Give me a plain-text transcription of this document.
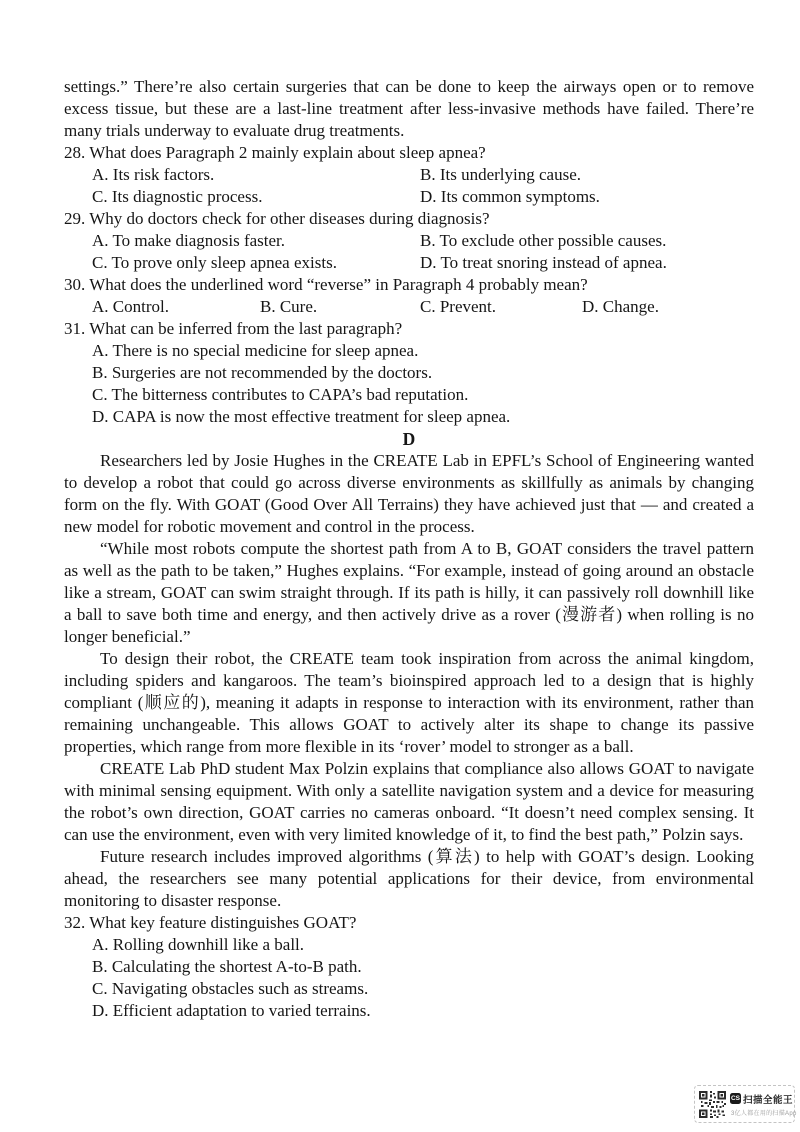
settings.” There’re also certain surgeries that can be done to keep the airways open or to remove excess tissue, but these are a last-line treatment after less-invasive methods have failed. There’re many trials underway to evaluate drug treatments.

28. What does Paragraph 2 mainly explain about sleep apnea?
A. Its risk factors.	B. Its underlying cause.
C. Its diagnostic process.	D. Its common symptoms.
29. Why do doctors check for other diseases during diagnosis?
A. To make diagnosis faster.	B. To exclude other possible causes.
C. To prove only sleep apnea exists.	D. To treat snoring instead of apnea.
30. What does the underlined word “reverse” in Paragraph 4 probably mean?
A. Control.	B. Cure.	C. Prevent.	D. Change.
31. What can be inferred from the last paragraph?
A. There is no special medicine for sleep apnea.
B. Surgeries are not recommended by the doctors.
C. The bitterness contributes to CAPA’s bad reputation.
D. CAPA is now the most effective treatment for sleep apnea.
D

Researchers led by Josie Hughes in the CREATE Lab in EPFL’s School of Engineering wanted to develop a robot that could go across diverse environments as skillfully as animals by changing form on the fly. With GOAT (Good Over All Terrains) they have achieved just that — and created a new model for robotic movement and control in the process.

“While most robots compute the shortest path from A to B, GOAT considers the travel pattern as well as the path to be taken,” Hughes explains. “For example, instead of going around an obstacle like a stream, GOAT can swim straight through. If its path is hilly, it can passively roll downhill like a ball to save both time and energy, and then actively drive as a rover (漫游者) when rolling is no longer beneficial.”

To design their robot, the CREATE team took inspiration from across the animal kingdom, including spiders and kangaroos. The team’s bioinspired approach led to a design that is highly compliant (顺应的), meaning it adapts in response to interaction with its environment, rather than remaining unchangeable. This allows GOAT to actively alter its shape to change its passive properties, which range from more flexible in its ‘rover’ model to stronger as a ball.

CREATE Lab PhD student Max Polzin explains that compliance also allows GOAT to navigate with minimal sensing equipment. With only a satellite navigation system and a device for measuring the robot’s own direction, GOAT carries no cameras onboard. “It doesn’t need complex sensing. It can use the environment, even with very limited knowledge of it, to find the best path,” Polzin says.

Future research includes improved algorithms (算法) to help with GOAT’s design. Looking ahead, the researchers see many potential applications for their device, from environmental monitoring to disaster response.

32. What key feature distinguishes GOAT?
A. Rolling downhill like a ball.
B. Calculating the shortest A-to-B path.
C. Navigating obstacles such as streams.
D. Efficient adaptation to varied terrains.
CS 扫描全能王
3亿人都在用的扫描App
